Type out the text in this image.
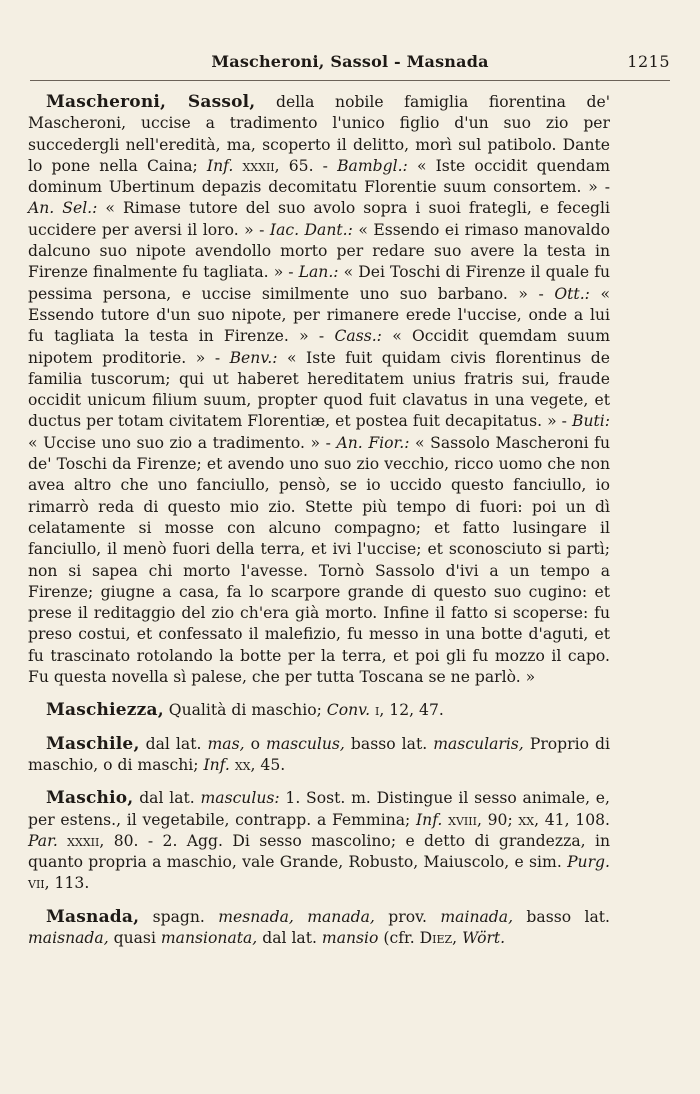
Mascheroni, Sassol - Masnada	1215

Mascheroni, Sassol, della nobile famiglia fiorentina de' Mascheroni, uccise a tradimento l'unico figlio d'un suo zio per succedergli nell'eredità, ma, scoperto il delitto, morì sul patibolo. Dante lo pone nella Caina; Inf. xxxii, 65. - Bambgl.: « Iste occidit quendam dominum Ubertinum depazis decomitatu Florentie suum consortem. » - An. Sel.: « Rimase tutore del suo avolo sopra i suoi frategli, e fecegli uccidere per aversi il loro. » - Iac. Dant.: « Essendo ei rimaso manovaldo dalcuno suo nipote avendollo morto per redare suo avere la testa in Firenze finalmente fu tagliata. » - Lan.: « Dei Toschi di Firenze il quale fu pessima persona, e uccise similmente uno suo barbano. » - Ott.: « Essendo tutore d'un suo nipote, per rimanere erede l'uccise, onde a lui fu tagliata la testa in Firenze. » - Cass.: « Occidit quemdam suum nipotem proditorie. » - Benv.: « Iste fuit quidam civis florentinus de familia tuscorum; qui ut haberet hereditatem unius fratris sui, fraude occidit unicum filium suum, propter quod fuit clavatus in una vegete, et ductus per totam civitatem Florentiæ, et postea fuit decapitatus. » - Buti: « Uccise uno suo zio a tradimento. » - An. Fior.: « Sassolo Mascheroni fu de' Toschi da Firenze; et avendo uno suo zio vecchio, ricco uomo che non avea altro che uno fanciullo, pensò, se io uccido questo fanciullo, io rimarrò reda di questo mio zio. Stette più tempo di fuori: poi un dì celatamente si mosse con alcuno compagno; et fatto lusingare il fanciullo, il menò fuori della terra, et ivi l'uccise; et sconosciuto si partì; non si sapea chi morto l'avesse. Tornò Sassolo d'ivi a un tempo a Firenze; giugne a casa, fa lo scarpore grande di questo suo cugino: et prese il reditaggio del zio ch'era già morto. Infine il fatto si scoperse: fu preso costui, et confessato il malefizio, fu messo in una botte d'aguti, et fu trascinato rotolando la botte per la terra, et poi gli fu mozzo il capo. Fu questa novella sì palese, che per tutta Toscana se ne parlò. »

Maschiezza, Qualità di maschio; Conv. i, 12, 47.

Maschile, dal lat. mas, o masculus, basso lat. mascularis, Proprio di maschio, o di maschi; Inf. xx, 45.

Maschio, dal lat. masculus: 1. Sost. m. Distingue il sesso animale, e, per estens., il vegetabile, contrapp. a Femmina; Inf. xviii, 90; xx, 41, 108. Par. xxxii, 80. - 2. Agg. Di sesso mascolino; e detto di grandezza, in quanto propria a maschio, vale Grande, Robusto, Maiuscolo, e sim. Purg. vii, 113.

Masnada, spagn. mesnada, manada, prov. mainada, basso lat. maisnada, quasi mansionata, dal lat. mansio (cfr. Diez, Wört.
